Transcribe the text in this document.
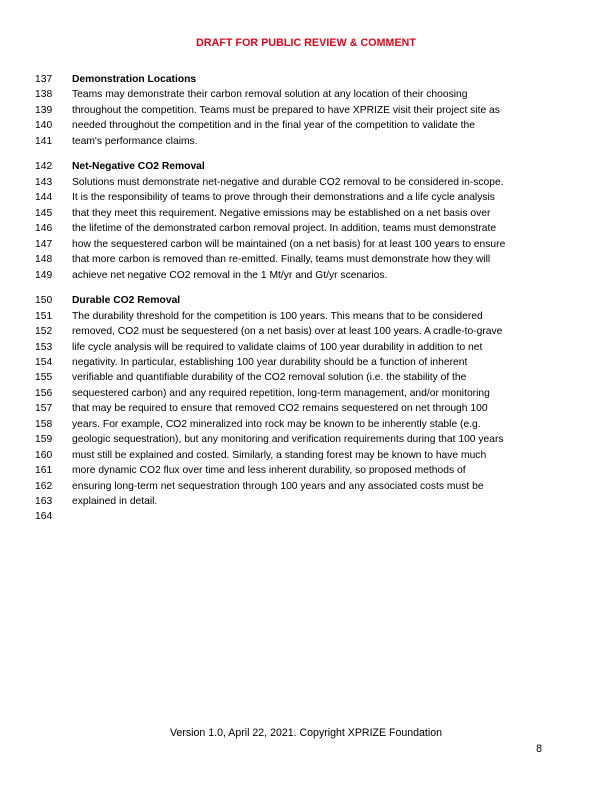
DRAFT FOR PUBLIC REVIEW & COMMENT
137	Demonstration Locations
138	Teams may demonstrate their carbon removal solution at any location of their choosing
139	throughout the competition. Teams must be prepared to have XPRIZE visit their project site as
140	needed throughout the competition and in the final year of the competition to validate the
141	team's performance claims.
142	Net-Negative CO2 Removal
143	Solutions must demonstrate net-negative and durable CO2 removal to be considered in-scope.
144	It is the responsibility of teams to prove through their demonstrations and a life cycle analysis
145	that they meet this requirement. Negative emissions may be established on a net basis over
146	the lifetime of the demonstrated carbon removal project. In addition, teams must demonstrate
147	how the sequestered carbon will be maintained (on a net basis) for at least 100 years to ensure
148	that more carbon is removed than re-emitted. Finally, teams must demonstrate how they will
149	achieve net negative CO2 removal in the 1 Mt/yr and Gt/yr scenarios.
150	Durable CO2 Removal
151	The durability threshold for the competition is 100 years. This means that to be considered
152	removed, CO2 must be sequestered (on a net basis) over at least 100 years. A cradle-to-grave
153	life cycle analysis will be required to validate claims of 100 year durability in addition to net
154	negativity. In particular, establishing 100 year durability should be a function of inherent
155	verifiable and quantifiable durability of the CO2 removal solution (i.e. the stability of the
156	sequestered carbon) and any required repetition, long-term management, and/or monitoring
157	that may be required to ensure that removed CO2 remains sequestered on net through 100
158	years. For example, CO2 mineralized into rock may be known to be inherently stable (e.g.
159	geologic sequestration), but any monitoring and verification requirements during that 100 years
160	must still be explained and costed. Similarly, a standing forest may be known to have much
161	more dynamic CO2 flux over time and less inherent durability, so proposed methods of
162	ensuring long-term net sequestration through 100 years and any associated costs must be
163	explained in detail.
164
Version 1.0, April 22, 2021. Copyright XPRIZE Foundation
8
